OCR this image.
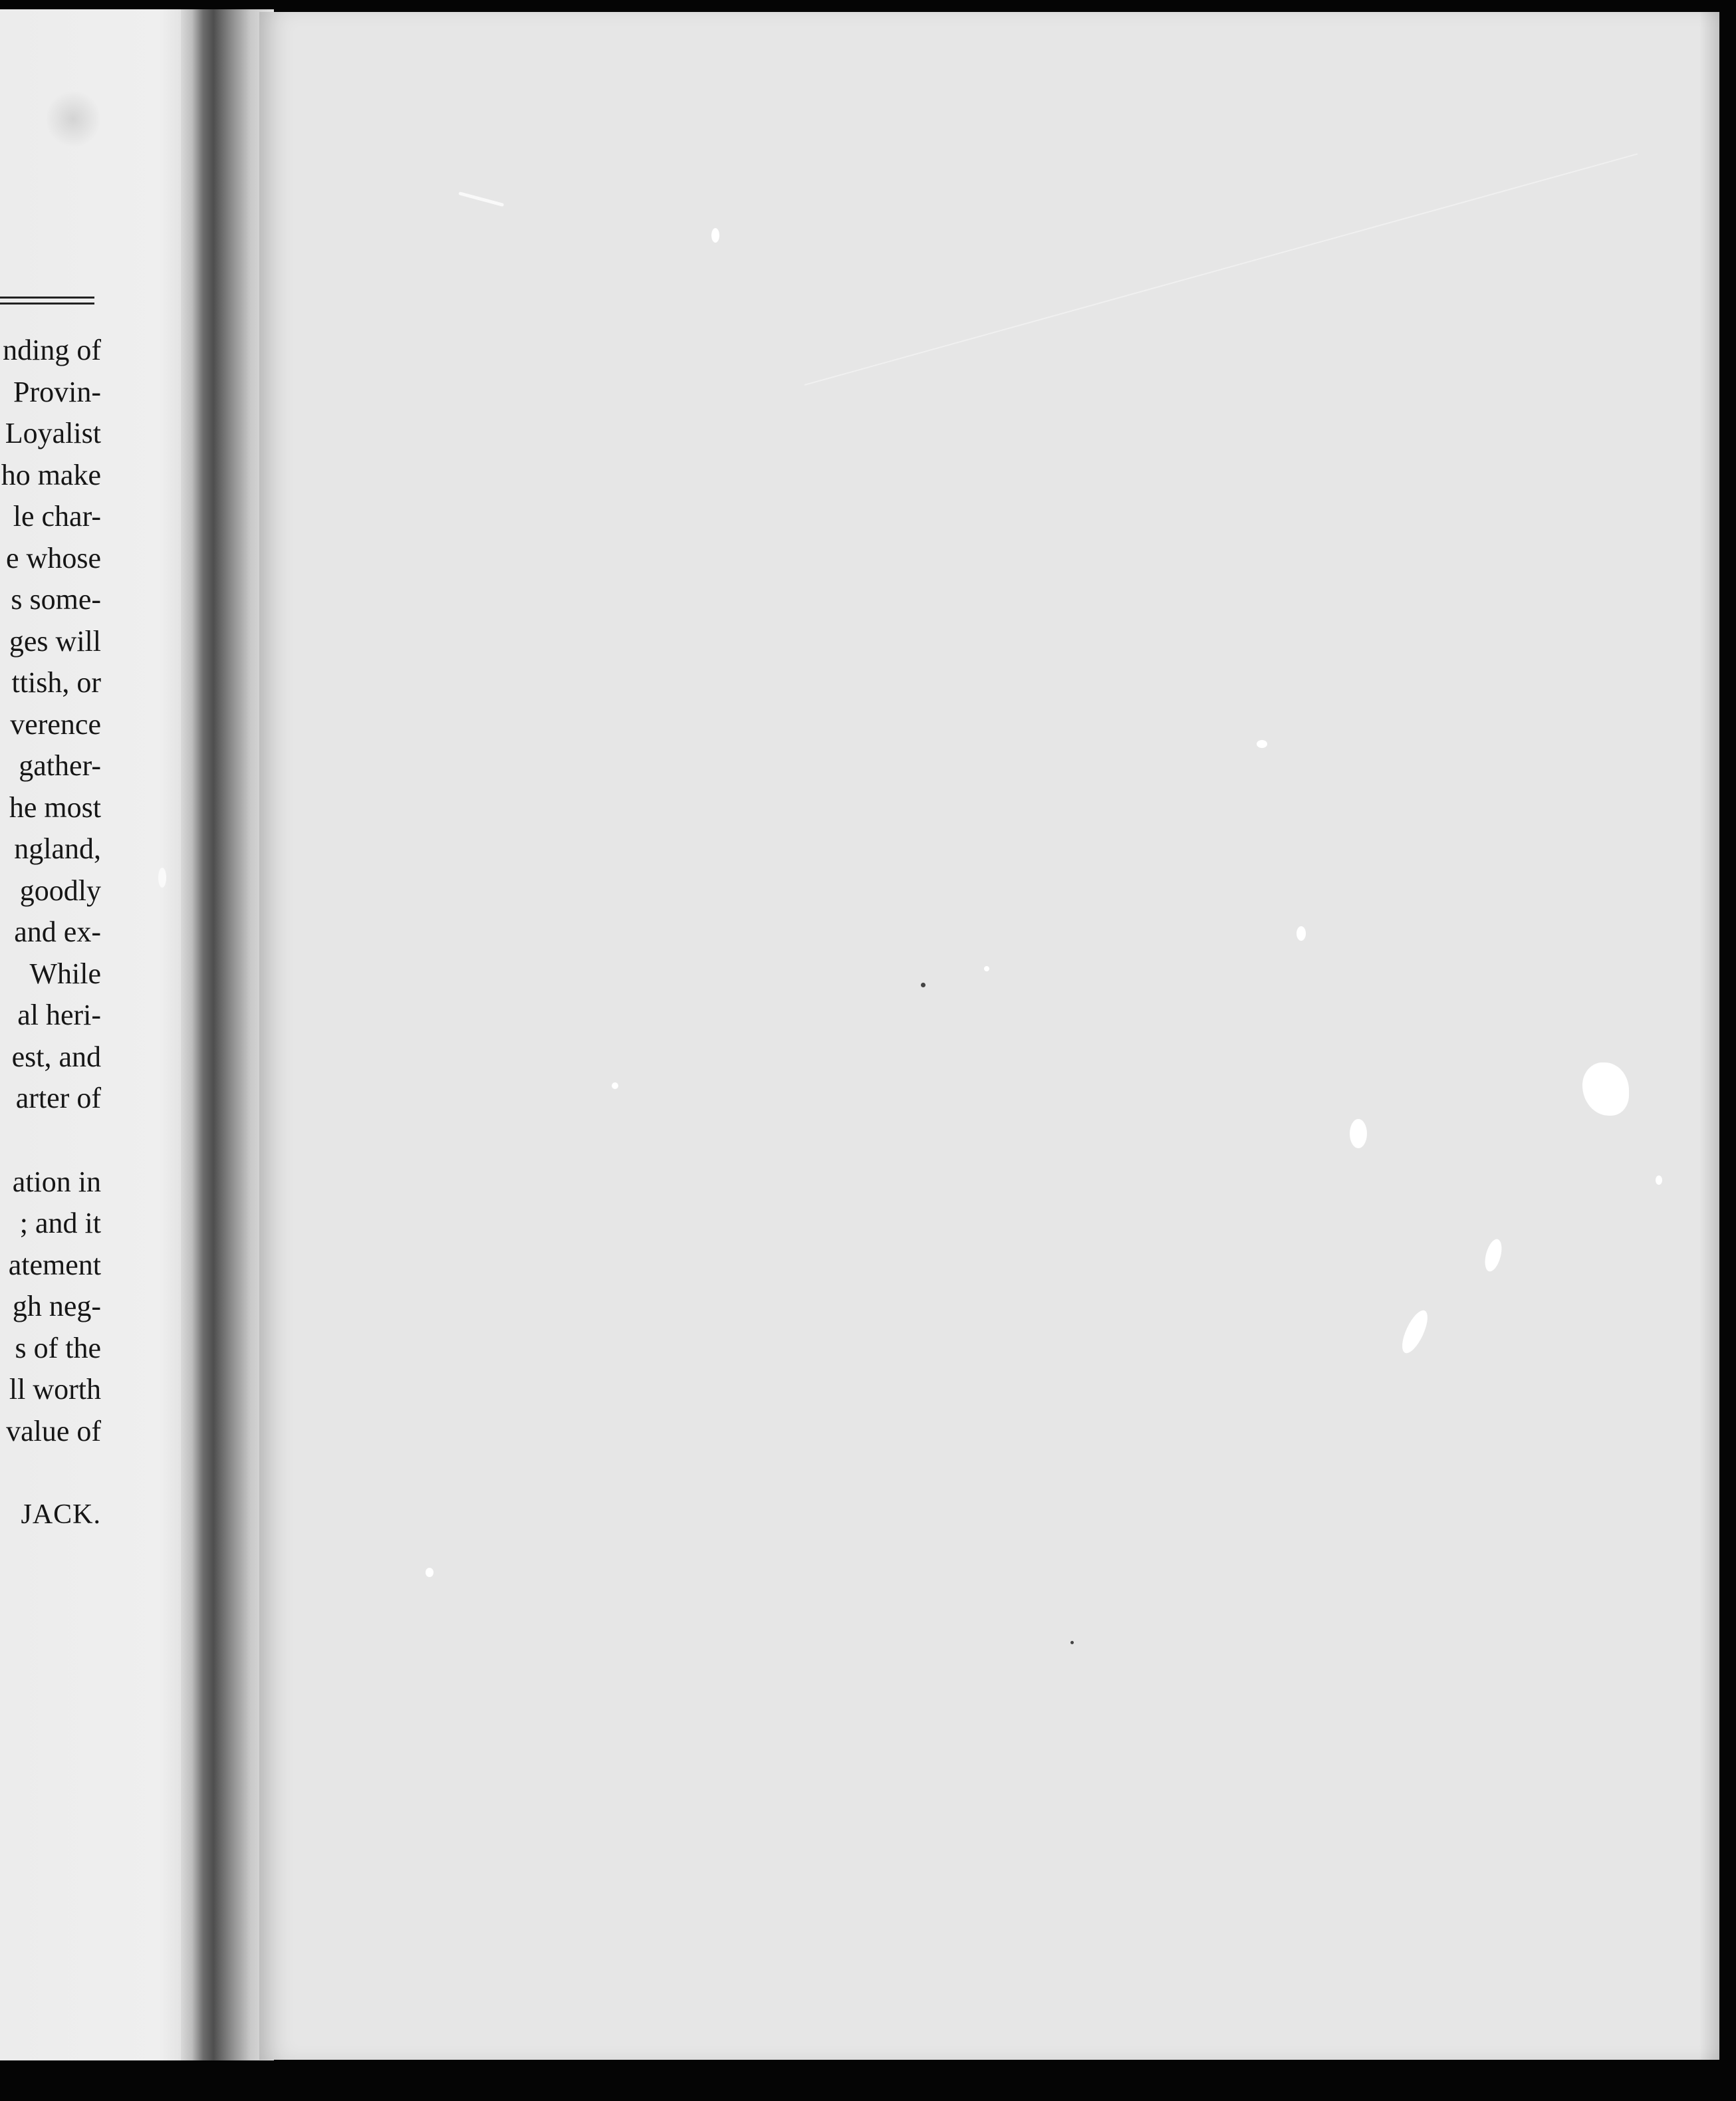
nding of
Provin-
Loyalist
ho make
le char-
e whose
s some-
ges will
ttish, or
verence
gather-
he most
ngland,
goodly
and ex-
While
al heri-
est, and
arter of
ation in
; and it
atement
gh neg-
s of the
ll worth
value of
JACK.
